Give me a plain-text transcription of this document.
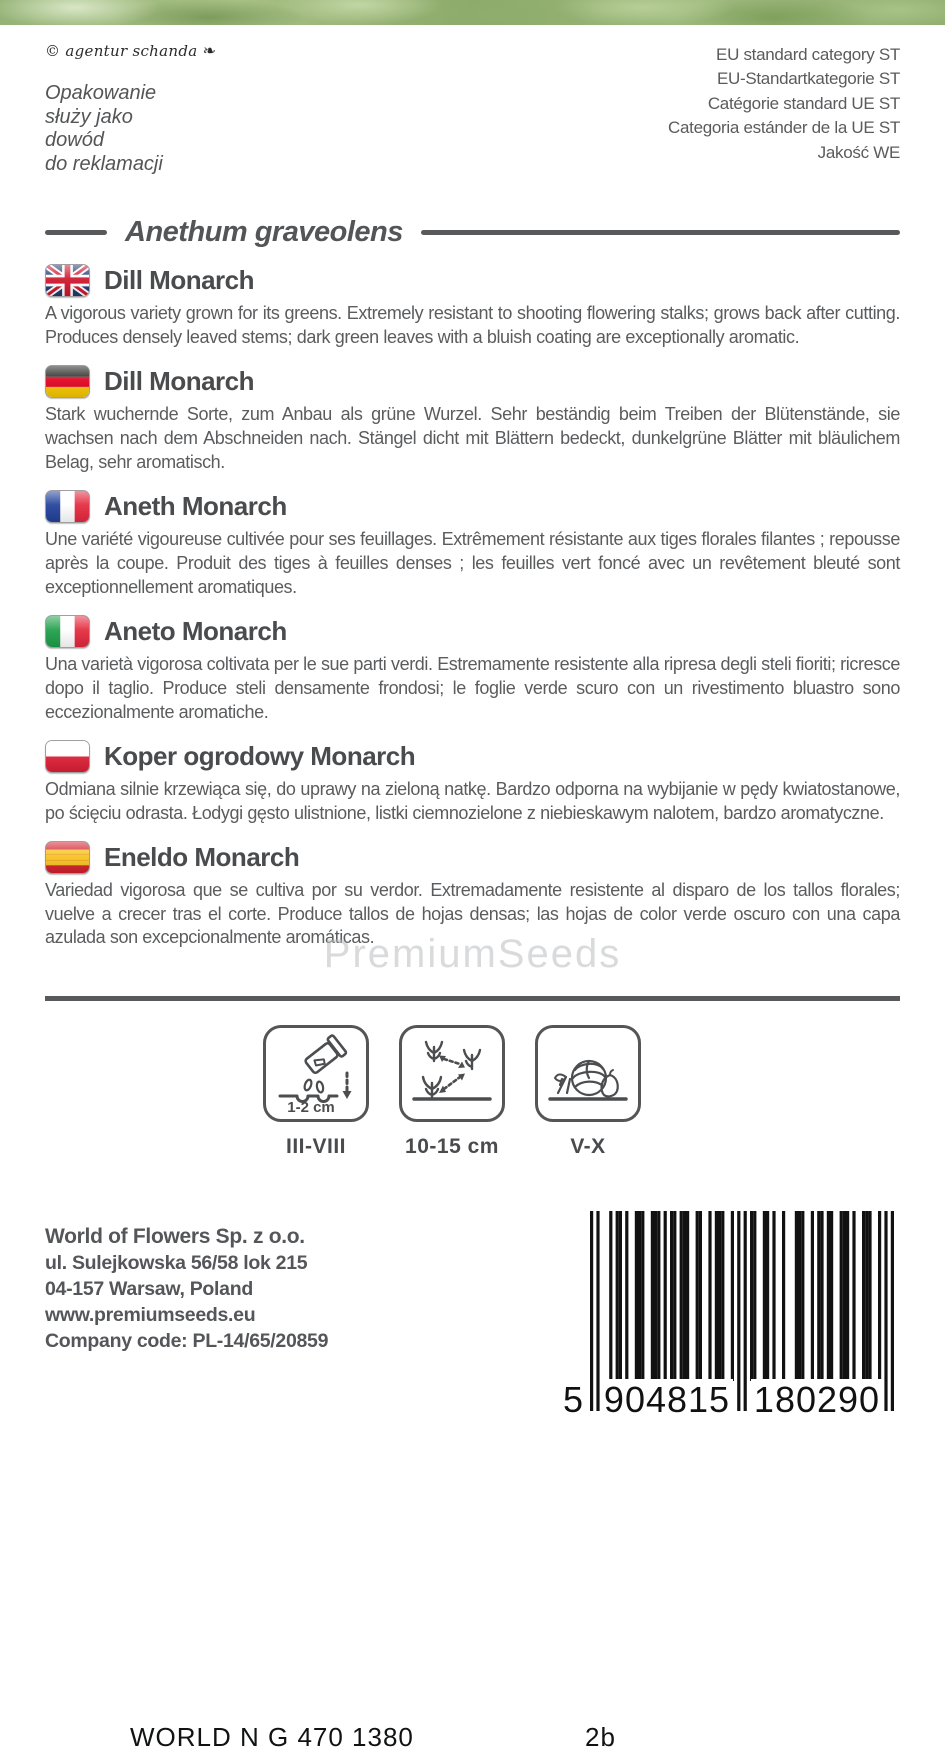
© agentur schanda ❧
Opakowanie
służy jako
dowód
do reklamacji
EU standard category ST
EU-Standartkategorie ST
Catégorie standard UE ST
Categoria estánder de la UE ST
Jakość WE
Anethum graveolens
Dill Monarch
A vigorous variety grown for its greens. Extremely resistant to shooting flowering stalks; grows back after cutting. Produces densely leaved stems; dark green leaves with a bluish coating are exceptionally aromatic.
Dill Monarch
Stark wuchernde Sorte, zum Anbau als grüne Wurzel. Sehr beständig beim Treiben der Blütenstände, sie wachsen nach dem Abschneiden nach. Stängel dicht mit Blättern bedeckt, dunkelgrüne Blätter mit bläulichem Belag, sehr aromatisch.
Aneth Monarch
Une variété vigoureuse cultivée pour ses feuillages. Extrêmement résistante aux tiges florales filantes ; repousse après la coupe. Produit des tiges à feuilles denses ; les feuilles vert foncé avec un revêtement bleuté sont exceptionnellement aromatiques.
Aneto Monarch
Una varietà vigorosa coltivata per le sue parti verdi. Estremamente resistente alla ripresa degli steli fioriti; ricresce dopo il taglio. Produce steli densamente frondosi; le foglie verde scuro con un rivestimento bluastro sono eccezionalmente aromatiche.
Koper ogrodowy Monarch
Odmiana silnie krzewiąca się, do uprawy na zieloną natkę. Bardzo odporna na wybijanie w pędy kwiatostanowe, po ścięciu odrasta. Łodygi gęsto ulistnione, listki ciemnozielone z niebieskawym nalotem, bardzo aromatyczne.
Eneldo Monarch
Variedad vigorosa que se cultiva por su verdor. Extremadamente resistente al disparo de los tallos florales; vuelve a crecer tras el corte. Produce tallos de hojas densas; las hojas de color verde oscuro con una capa azulada son excepcionalmente aromáticas.
1-2 cm
III-VIII	10-15 cm	V-X
World of Flowers Sp. z o.o.
ul. Sulejkowska 56/58 lok 215
04-157 Warsaw, Poland
www.premiumseeds.eu
Company code: PL-14/65/20859
5 904815 180290
PremiumSeeds
WORLD N G 470 1380	2b
